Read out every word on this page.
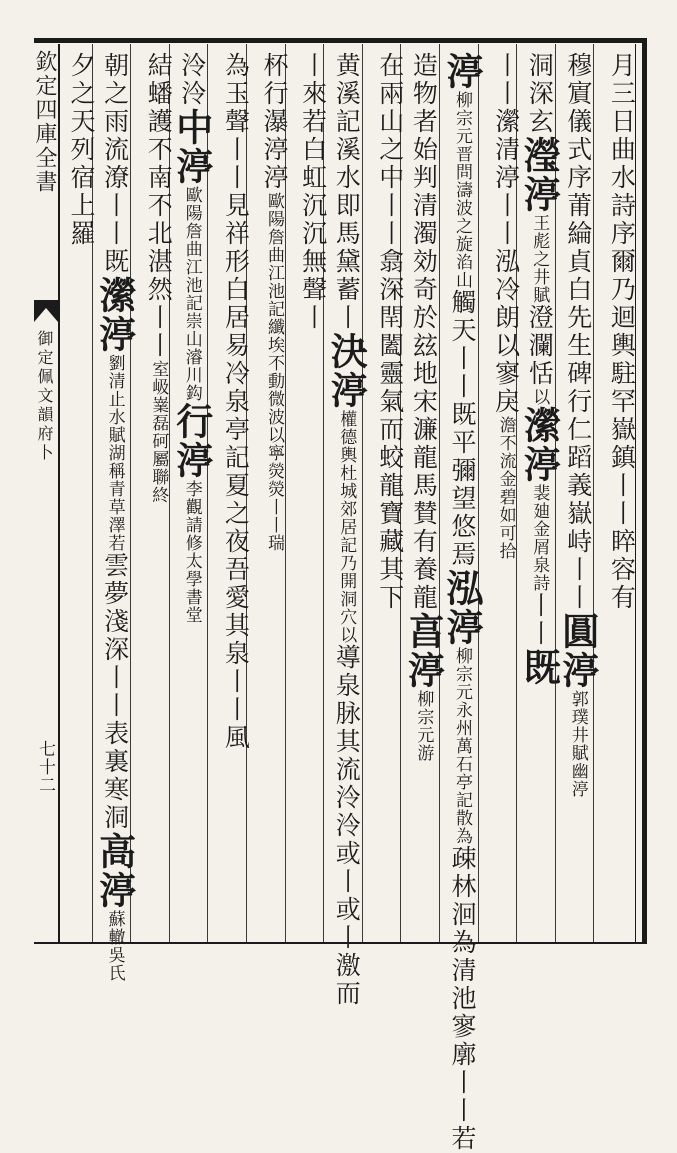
欽定四庫全書
御定佩文韻府卜
七十二
月三日曲水詩序爾乃迴輿駐罕嶽鎮丨丨睟容有
穆賔儀式序莆綸貞白先生碑行仁蹈義嶽峙丨丨圓渟郭璞井賦幽渟
洞深玄瀅渟王彪之井賦澄瀾恬以瀠渟裴廸金屑泉詩丨丨既
丨丨瀠清渟丨丨泓冷朗以寥戾澹不流金碧如可拾
渟柳宗元晋問濤波之旋淊山觸天丨丨既平彌望悠焉泓渟柳宗元永州萬石亭記散為疎林洄為清池寥廓丨丨若
造物者始判清濁効奇於玆地宋濂龍馬賛有養龍亯渟柳宗元游
在兩山之中丨丨翕深閈闔靈氣而蛟龍寶藏其下
黄溪記溪水即馬黛蓄丨決渟權德輿杜城郊居記乃開洞穴以導泉脉其流泠泠或丨或丨激而
丨來若白虹沉沉無聲丨
杯行瀑渟渟歐陽詹曲江池記纖埃不動微波以寧熒熒丨丨瑞
為玉聲丨丨見祥形白居易冷泉亭記夏之夜吾愛其泉丨丨風
泠泠中渟歐陽詹曲江池記崇山濬川鈎行渟李觀請修太學書堂
結蟠護不南不北湛然丨丨室岋嶪磊砢屬聯終
朝之雨流潦丨丨既瀠渟劉清止水賦湖稱青草澤若雲夢淺深丨丨表裏寒洞高渟蘇轍吳氏
夕之天列宿上羅
